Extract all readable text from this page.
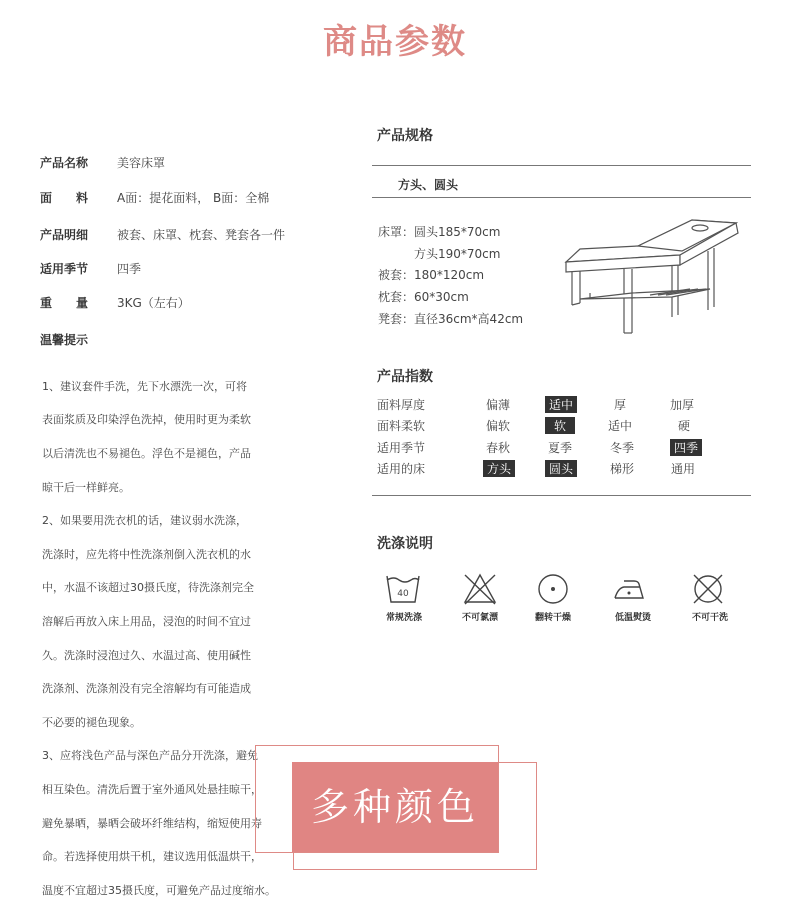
商品参数
产品名称	美容床罩
面　　料	A面：提花面料， B面：全棉
产品明细	被套、床罩、枕套、凳套各一件
适用季节	四季
重　　量	3KG（左右）
温馨提示

1、建议套件手洗，先下水漂洗一次，可将

表面浆质及印染浮色洗掉，使用时更为柔软

以后清洗也不易褪色。浮色不是褪色，产品

晾干后一样鲜亮。

2、如果要用洗衣机的话，建议弱水洗涤，

洗涤时，应先将中性洗涤剂倒入洗衣机的水

中，水温不该超过30摄氏度，待洗涤剂完全

溶解后再放入床上用品，浸泡的时间不宜过

久。洗涤时浸泡过久、水温过高、使用碱性

洗涤剂、洗涤剂没有完全溶解均有可能造成

不必要的褪色现象。

3、应将浅色产品与深色产品分开洗涤，避免

相互染色。清洗后置于室外通风处悬挂晾干，

避免暴晒，暴晒会破坏纤维结构，缩短使用寿

命。若选择使用烘干机，建议选用低温烘干，

温度不宜超过35摄氏度，可避免产品过度缩水。

产品规格
方头、圆头
床罩：圆头185*70cm
　　　方头190*70cm
被套：180*120cm
枕套：60*30cm
凳套：直径36cm*高42cm
产品指数
面料厚度	偏薄	适中	厚	加厚
面料柔软	偏软	软	适中	硬
适用季节	春秋	夏季	冬季	四季
适用的床	方头	圆头	梯形	通用
洗涤说明
40
常规洗涤	不可氯漂	翻转干燥	低温熨烫	不可干洗
多种颜色
